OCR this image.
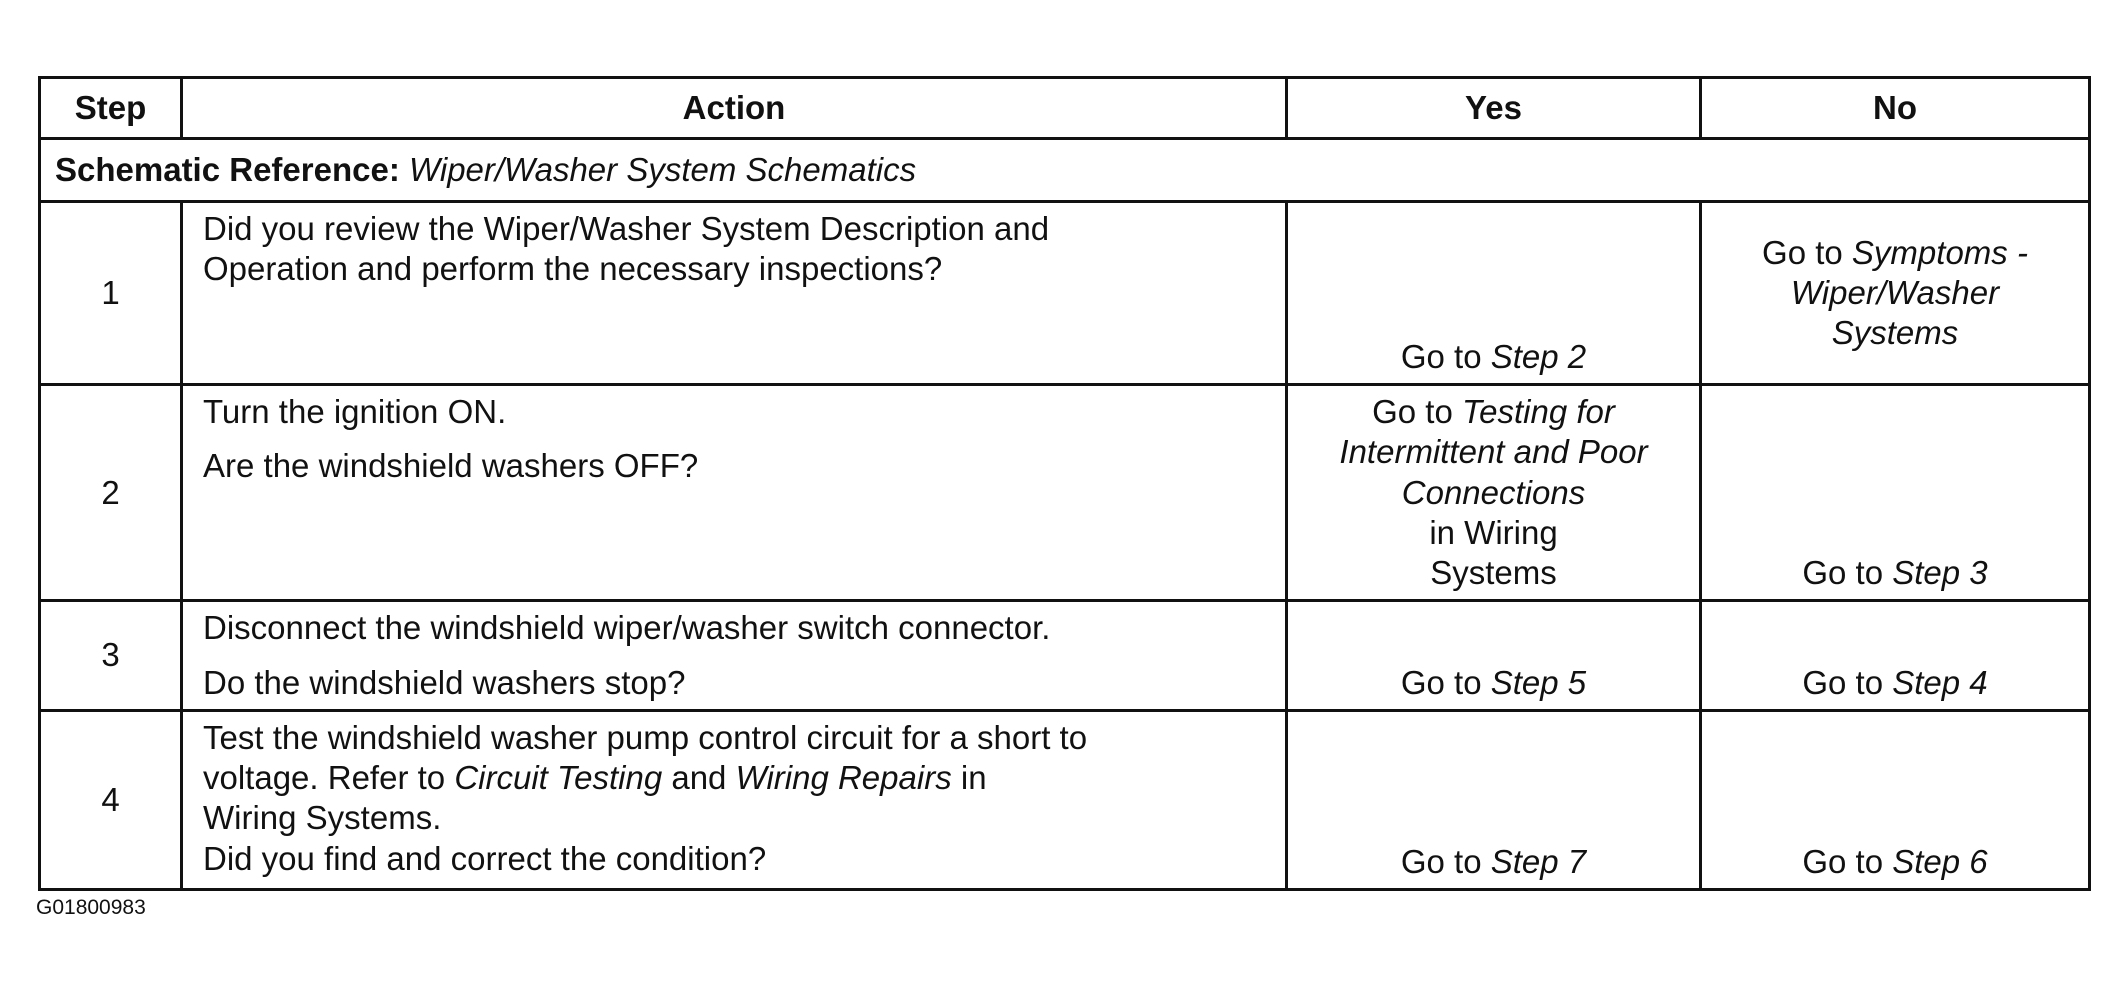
Step	Action	Yes	No
Schematic Reference: Wiper/Washer System Schematics			
1	Did you review the Wiper/Washer System Description and
Operation and perform the necessary inspections?	Go to Step 2	Go to Symptoms -
Wiper/Washer
Systems

2	Turn the ignition ON.
Are the windshield washers OFF?	Go to Testing for
Intermittent and Poor
Connections
in Wiring
Systems	Go to Step 3
3	Disconnect the windshield wiper/washer switch connector.
Do the windshield washers stop?	Go to Step 5	Go to Step 4
4	Test the windshield washer pump control circuit for a short to
voltage. Refer to Circuit Testing and Wiring Repairs in
Wiring Systems.
Did you find and correct the condition?	Go to Step 7	Go to Step 6
G01800983
